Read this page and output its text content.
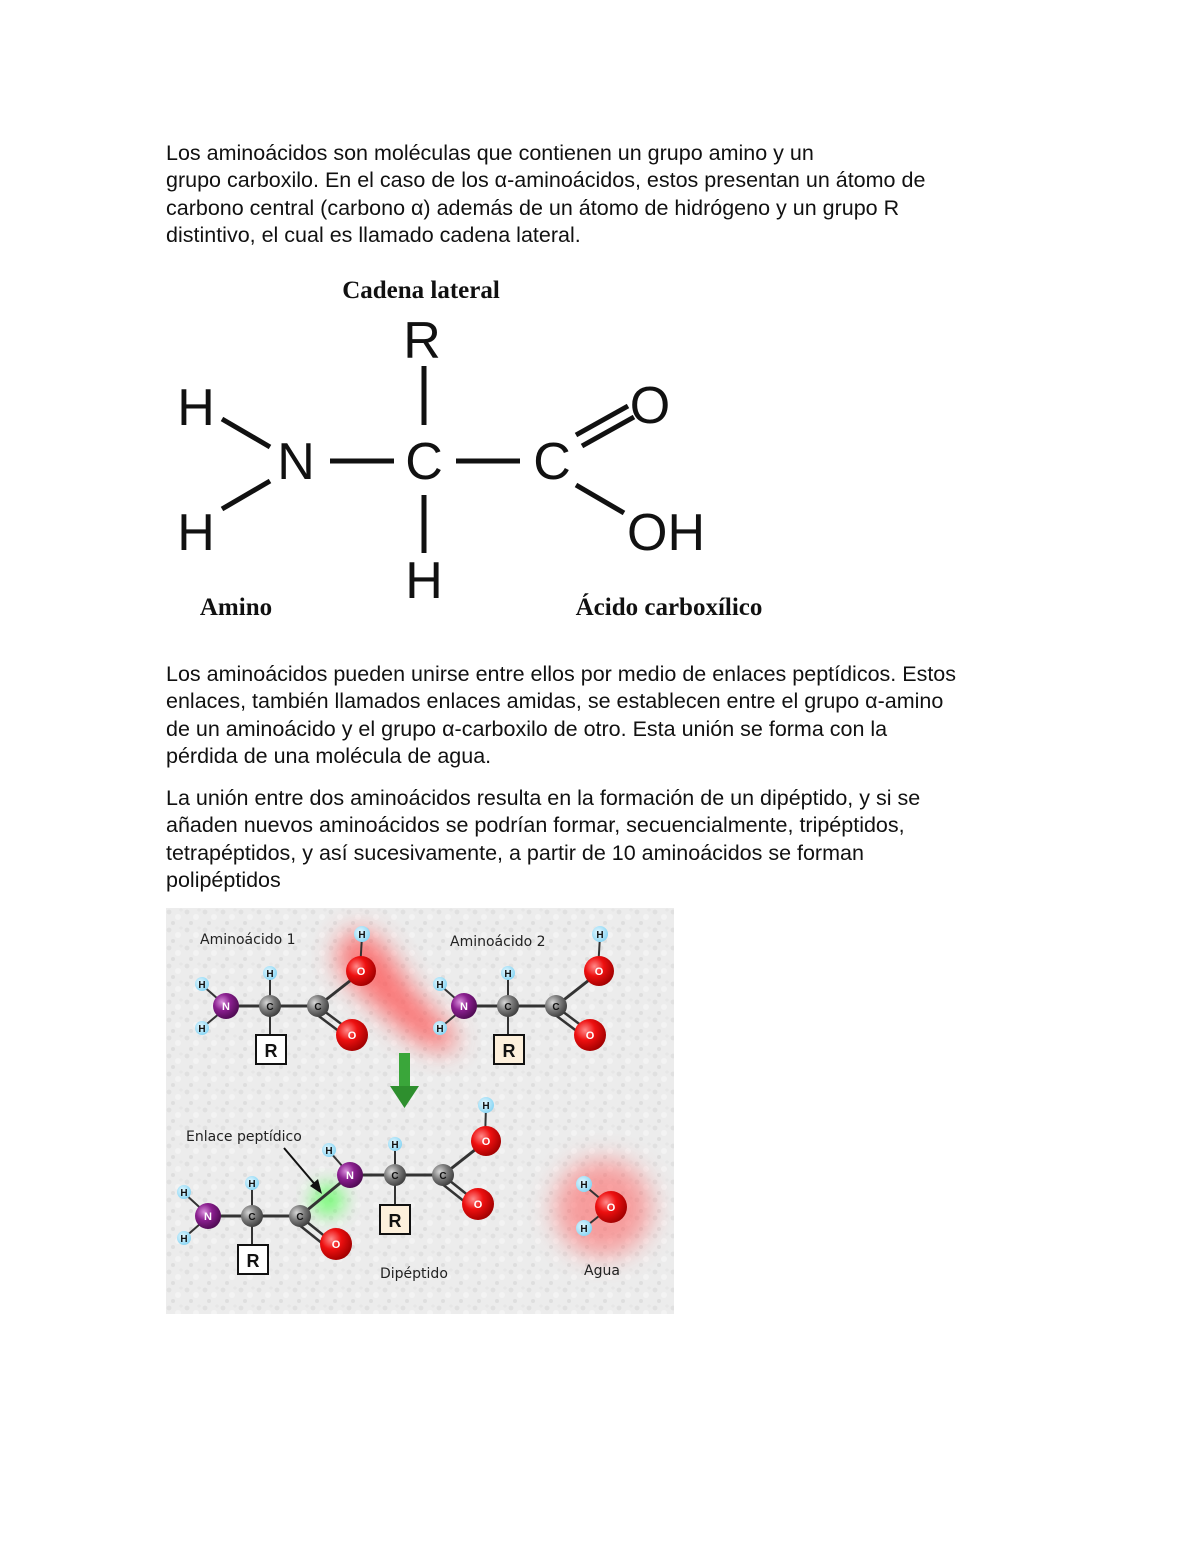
Los aminoácidos son moléculas que contienen un grupo amino y un
grupo carboxilo. En el caso de los α-aminoácidos, estos presentan un átomo de
carbono central (carbono α) además de un átomo de hidrógeno y un grupo R
distintivo, el cual es llamado cadena lateral.

Cadena lateral
R
H
N C C
O
OH
H
H
Amino	Ácido carboxílico

Los aminoácidos pueden unirse entre ellos por medio de enlaces peptídicos. Estos
enlaces, también llamados enlaces amidas, se establecen entre el grupo α-amino
de un aminoácido y el grupo α-carboxilo de otro. Esta unión se forma con la
pérdida de una molécula de agua.

La unión entre dos aminoácidos resulta en la formación de un dipéptido, y si se
añaden nuevos aminoácidos se podrían formar, secuencialmente, tripéptidos,
tetrapéptidos, y así sucesivamente, a partir de 10 aminoácidos se forman
polipéptidos

Aminoácido 1	Aminoácido 2
Enlace peptídico
Dipéptido	Agua
R
H
H
N
H
C	C
O
O
H
R
H
H
N
H
C	C
O
O
H
R
R
H
H
N
H
C	C
O
H
N
H
C	C
O
O
H
H
H
O
